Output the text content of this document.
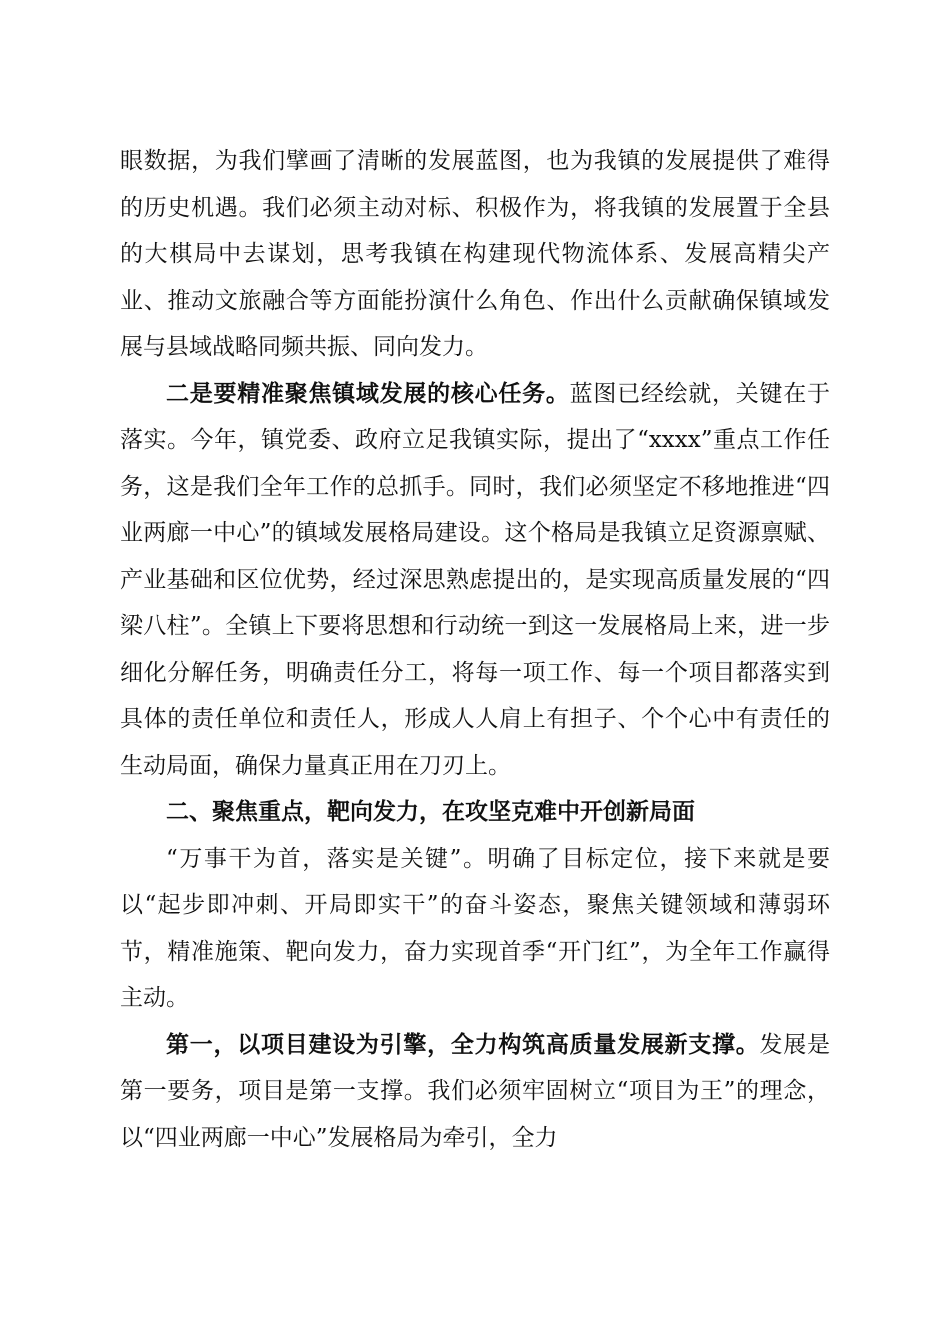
眼数据，为我们擘画了清晰的发展蓝图，也为我镇的发展提供了难得的历史机遇。我们必须主动对标、积极作为，将我镇的发展置于全县的大棋局中去谋划，思考我镇在构建现代物流体系、发展高精尖产业、推动文旅融合等方面能扮演什么角色、作出什么贡献确保镇域发展与县域战略同频共振、同向发力。

二是要精准聚焦镇域发展的核心任务。蓝图已经绘就，关键在于落实。今年，镇党委、政府立足我镇实际，提出了“xxxx”重点工作任务，这是我们全年工作的总抓手。同时，我们必须坚定不移地推进“四业两廊一中心”的镇域发展格局建设。这个格局是我镇立足资源禀赋、产业基础和区位优势，经过深思熟虑提出的，是实现高质量发展的“四梁八柱”。全镇上下要将思想和行动统一到这一发展格局上来，进一步细化分解任务，明确责任分工，将每一项工作、每一个项目都落实到具体的责任单位和责任人，形成人人肩上有担子、个个心中有责任的生动局面，确保力量真正用在刀刃上。

二、聚焦重点，靶向发力，在攻坚克难中开创新局面

“万事干为首，落实是关键”。明确了目标定位，接下来就是要以“起步即冲刺、开局即实干”的奋斗姿态，聚焦关键领域和薄弱环节，精准施策、靶向发力，奋力实现首季“开门红”，为全年工作赢得主动。

第一，以项目建设为引擎，全力构筑高质量发展新支撑。发展是第一要务，项目是第一支撑。我们必须牢固树立“项目为王”的理念，以“四业两廊一中心”发展格局为牵引，全力
